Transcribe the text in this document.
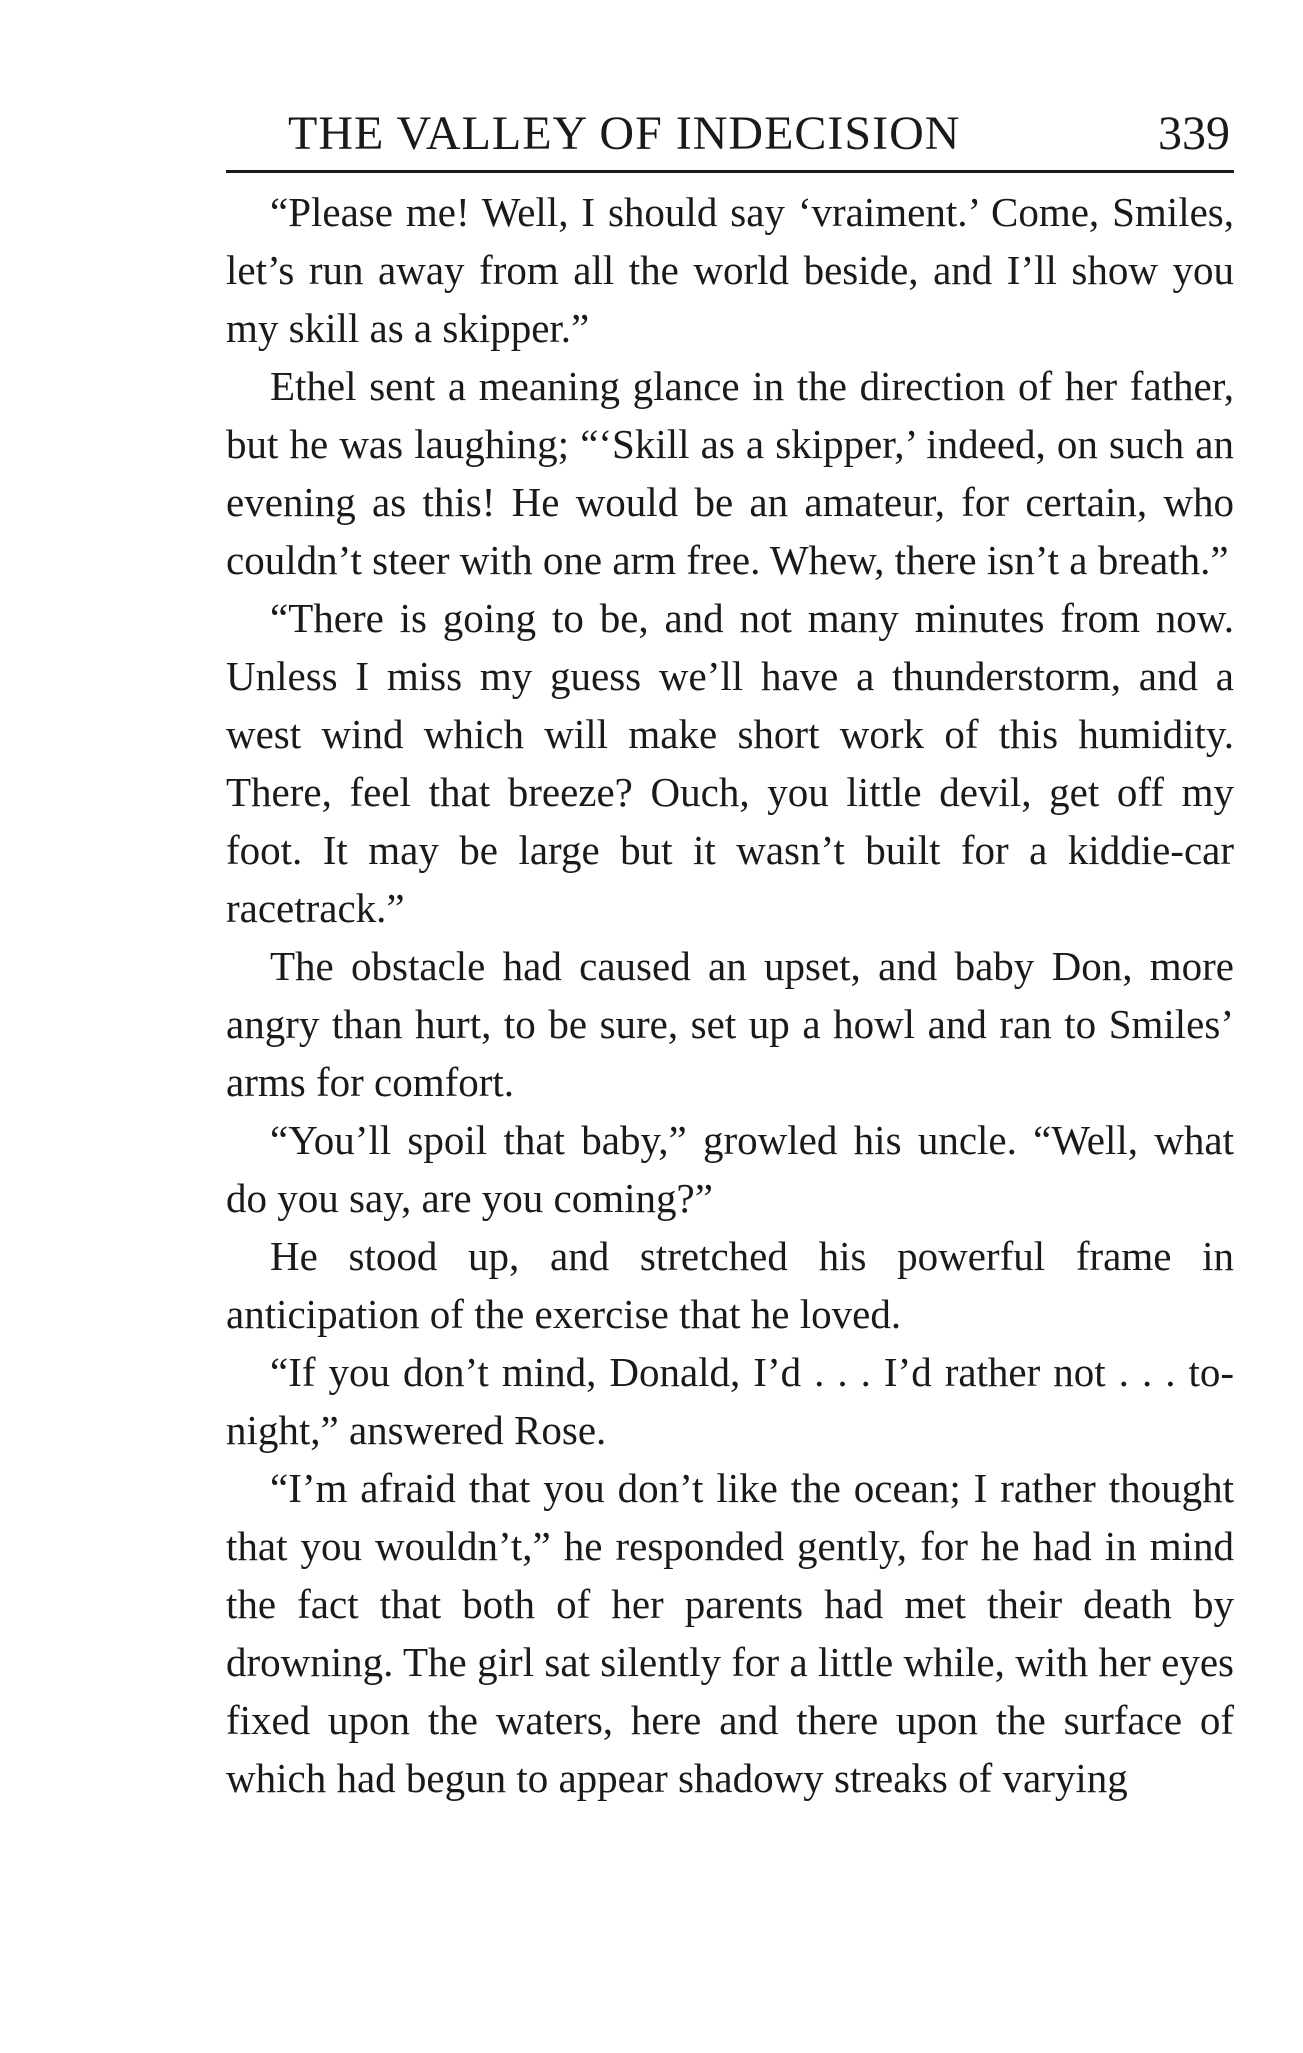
THE VALLEY OF INDECISION	339

“Please me! Well, I should say ‘vraiment.’ Come, Smiles, let’s run away from all the world beside, and I’ll show you my skill as a skipper.”

Ethel sent a meaning glance in the direction of her father, but he was laughing; “‘Skill as a skipper,’ indeed, on such an evening as this! He would be an amateur, for certain, who couldn’t steer with one arm free. Whew, there isn’t a breath.”

“There is going to be, and not many minutes from now. Unless I miss my guess we’ll have a thunderstorm, and a west wind which will make short work of this humidity. There, feel that breeze? Ouch, you little devil, get off my foot. It may be large but it wasn’t built for a kiddie-car racetrack.”

The obstacle had caused an upset, and baby Don, more angry than hurt, to be sure, set up a howl and ran to Smiles’ arms for comfort.

“You’ll spoil that baby,” growled his uncle. “Well, what do you say, are you coming?”

He stood up, and stretched his powerful frame in anticipation of the exercise that he loved.

“If you don’t mind, Donald, I’d . . . I’d rather not . . . to-night,” answered Rose.

“I’m afraid that you don’t like the ocean; I rather thought that you wouldn’t,” he responded gently, for he had in mind the fact that both of her parents had met their death by drowning. The girl sat silently for a little while, with her eyes fixed upon the waters, here and there upon the surface of which had begun to appear shadowy streaks of varying
